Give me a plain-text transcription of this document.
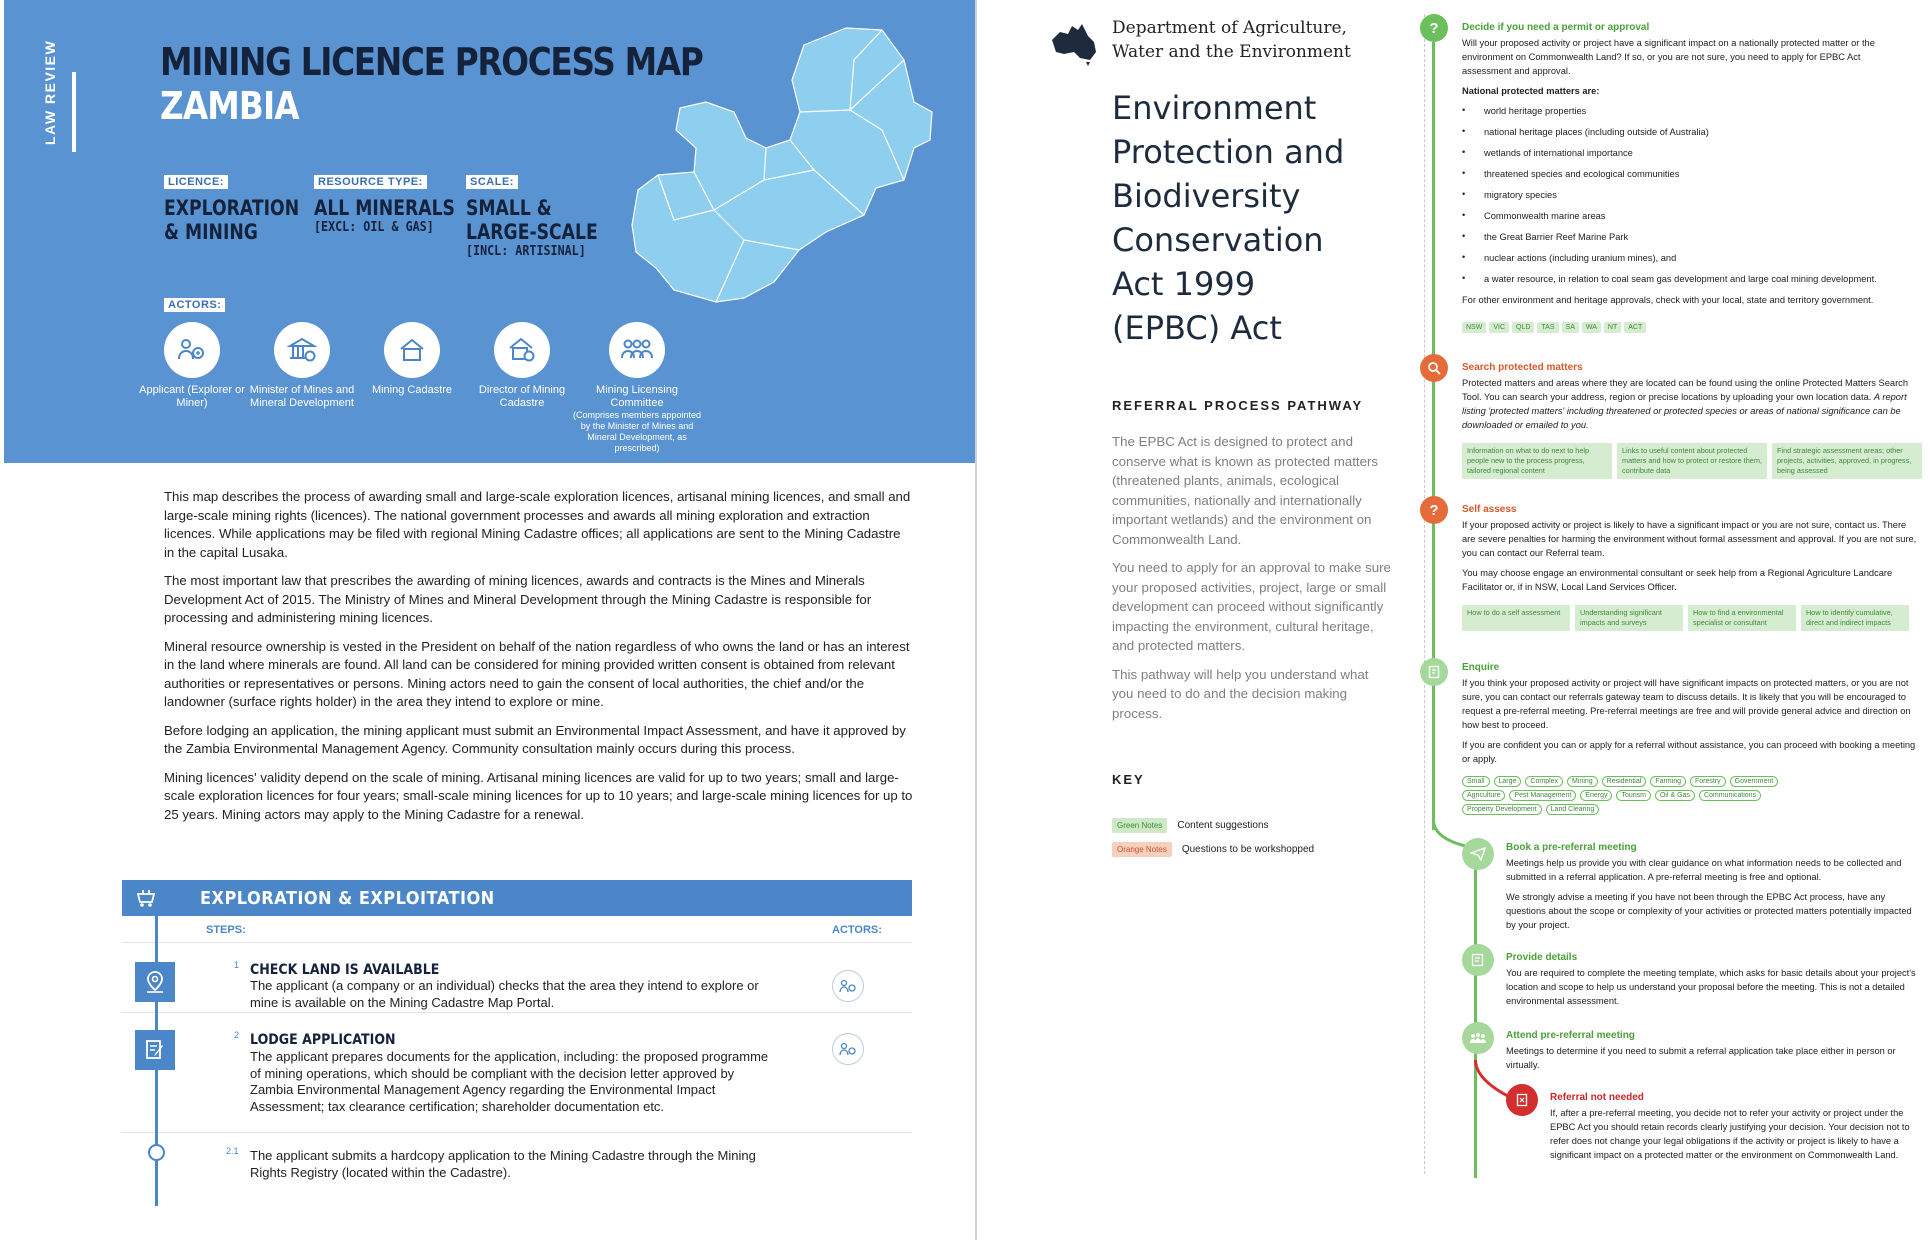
LAW REVIEW	MINING LICENCE PROCESS MAP
ZAMBIA
LICENCE:
EXPLORATION & MINING
RESOURCE TYPE:
ALL MINERALS
[EXCL: OIL & GAS]
SCALE:
SMALL &
LARGE-SCALE
[INCL: ARTISINAL]
ACTORS:
Applicant (Explorer or Miner)
Minister of Mines and Mineral Development
Mining Cadastre	Director of Mining Cadastre
Mining Licensing Committee
(Comprises members appointed by the Minister of Mines and Mineral Development, as prescribed)

This map describes the process of awarding small and large-scale exploration licences, artisanal mining licences, and small and large-scale mining rights (licences). The national government processes and awards all mining exploration and extraction licences. While applications may be filed with regional Mining Cadastre offices; all applications are sent to the Mining Cadastre in the capital Lusaka.

The most important law that prescribes the awarding of mining licences, awards and contracts is the Mines and Minerals Development Act of 2015. The Ministry of Mines and Mineral Development through the Mining Cadastre is responsible for processing and administering mining licences.

Mineral resource ownership is vested in the President on behalf of the nation regardless of who owns the land or has an interest in the land where minerals are found. All land can be considered for mining provided written consent is obtained from relevant authorities or representatives or persons. Mining actors need to gain the consent of local authorities, the chief and/or the landowner (surface rights holder) in the area they intend to explore or mine.

Before lodging an application, the mining applicant must submit an Environmental Impact Assessment, and have it approved by the Zambia Environmental Management Agency. Community consultation mainly occurs during this process.

Mining licences' validity depend on the scale of mining. Artisanal mining licences are valid for up to two years; small and large-scale exploration licences for four years; small-scale mining licences for up to 10 years; and large-scale mining licences for up to 25 years. Mining actors may apply to the Mining Cadastre for a renewal.

EXPLORATION & EXPLOITATION
STEPS:	ACTORS:
1 CHECK LAND IS AVAILABLE
The applicant (a company or an individual) checks that the area they intend to explore or mine is available on the Mining Cadastre Map Portal.
2 LODGE APPLICATION
The applicant prepares documents for the application, including: the proposed programme of mining operations, which should be compliant with the decision letter approved by Zambia Environmental Management Agency regarding the Environmental Impact Assessment; tax clearance certification; shareholder documentation etc.
2.1 The applicant submits a hardcopy application to the Mining Cadastre through the Mining Rights Registry (located within the Cadastre).
Department of Agriculture,
Water and the Environment
Environment
Protection and
Biodiversity
Conservation
Act 1999
(EPBC) Act
REFERRAL PROCESS PATHWAY

The EPBC Act is designed to protect and conserve what is known as protected matters (threatened plants, animals, ecological communities, nationally and internationally important wetlands) and the environment on Commonwealth Land.

You need to apply for an approval to make sure your proposed activities, project, large or small development can proceed without significantly impacting the environment, cultural heritage, and protected matters.

This pathway will help you understand what you need to do and the decision making process.

KEY
Green Notes	Content suggestions
Orange Notes	Questions to be workshopped
?	Decide if you need a permit or approval

Will your proposed activity or project have a significant impact on a nationally protected matter or the environment on Commonwealth Land? If so, or you are not sure, you need to apply for EPBC Act assessment and approval.

National protected matters are:

• world heritage properties
• national heritage places (including outside of Australia)
• wetlands of international importance
• threatened species and ecological communities
• migratory species
• Commonwealth marine areas
• the Great Barrier Reef Marine Park
• nuclear actions (including uranium mines), and
• a water resource, in relation to coal seam gas development and large coal mining development.

For other environment and heritage approvals, check with your local, state and territory government.

NSW	VIC	QLD	TAS	SA	WA	NT	ACT
Search protected matters
Protected matters and areas where they are located can be found using the online Protected Matters Search Tool. You can search your address, region or precise locations by uploading your own location data. A report listing 'protected matters' including threatened or protected species or areas of national significance can be downloaded or emailed to you.
Information on what to do next to help people new to the process progress, tailored regional content
Links to useful content about protected matters and how to protect or restore them, contribute data
Find strategic assessment areas; other projects, activities, approved, in progress, being assessed
?	Self assess

If your proposed activity or project is likely to have a significant impact or you are not sure, contact us. There are severe penalties for harming the environment without formal assessment and approval. If you are not sure, you can contact our Referral team.

You may choose engage an environmental consultant or seek help from a Regional Agriculture Landcare Facilitator or, if in NSW, Local Land Services Officer.

How to do a self assessment	Understanding significant impacts and surveys
How to find a environmental specialist or consultant
How to identify cumulative, direct and indirect impacts
Enquire

If you think your proposed activity or project will have significant impacts on protected matters, or you are not sure, you can contact our referrals gateway team to discuss details. It is likely that you will be encouraged to request a pre-referral meeting. Pre-referral meetings are free and will provide general advice and direction on how best to proceed.

If you are confident you can or apply for a referral without assistance, you can proceed with booking a meeting or apply.

Small	Large	Complex	Mining	Residential	Farming	Forestry	Government
Agriculture	Pest Management	Energy	Tourism	Oil & Gas	Communications
Property Development	Land Clearing
Book a pre-referral meeting

Meetings help us provide you with clear guidance on what information needs to be collected and submitted in a referral application. A pre-referral meeting is free and optional.

We strongly advise a meeting if you have not been through the EPBC Act process, have any questions about the scope or complexity of your activities or protected matters potentially impacted by your project.

Provide details

You are required to complete the meeting template, which asks for basic details about your project's location and scope to help us understand your proposal before the meeting. This is not a detailed environmental assessment.

Attend pre-referral meeting

Meetings to determine if you need to submit a referral application take place either in person or virtually.

Referral not needed

If, after a pre-referral meeting, you decide not to refer your activity or project under the EPBC Act you should retain records clearly justifying your decision. Your decision not to refer does not change your legal obligations if the activity or project is likely to have a significant impact on a protected matter or the environment on Commonwealth Land.
